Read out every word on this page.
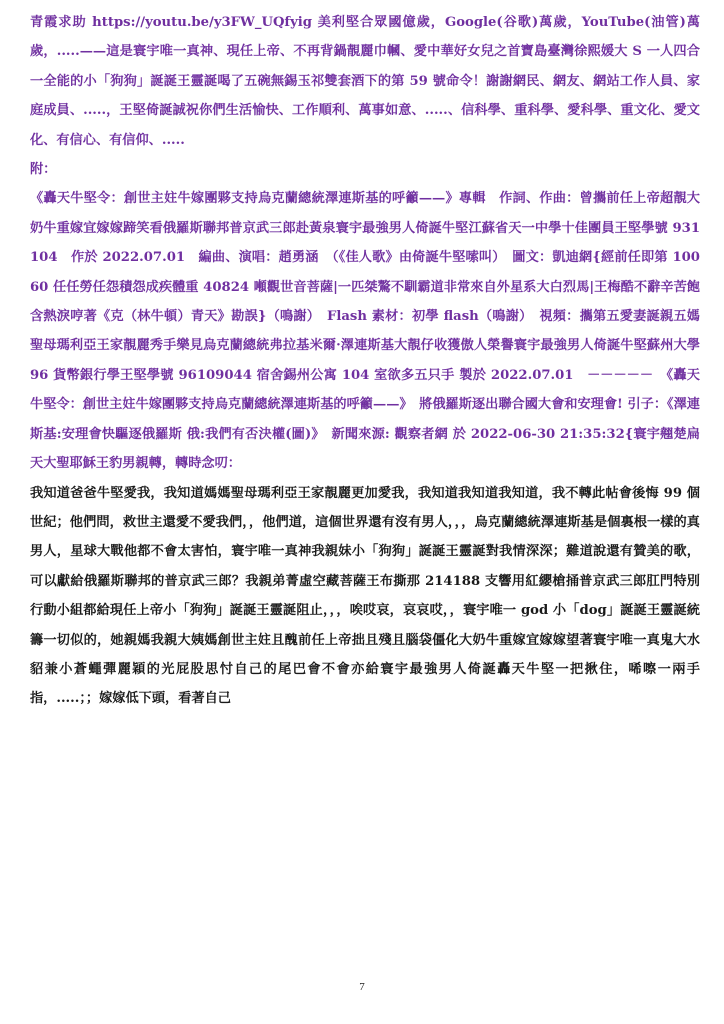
青霞求助 https://youtu.be/y3FW_UQfyig 美利堅合眾國億歲，Google(谷歌)萬歲，YouTube(油管)萬歲，.....——這是寰宇唯一真神、現任上帝、不再背鍋靚麗巾幗、愛中華好女兒之首寶島臺灣徐熙媛大 S 一人四合一全能的小「狗狗」誕誕王靈誕喝了五碗無錫玉祁雙套酒下的第 59 號命令！謝謝網民、網友、網站工作人員、家庭成員、.....，王堅倚誕誠祝你們生活愉快、工作順利、萬事如意、.....、信科學、重科學、愛科學、重文化、愛文化、有信心、有信仰、.....

附：

《轟天牛堅令：創世主妵牛嫁團夥支持烏克蘭總統澤連斯基的呼籲——》專輯　作詞、作曲：曾攜前任上帝超靚大奶牛重嫁宜嫁嫁蹄笑看俄羅斯聯邦普京武三郎赴黃泉寰宇最強男人倚誕牛堅江蘇省天一中學十佳團員王堅學號 931104　作於 2022.07.01　編曲、演唱：趙勇涵　（《佳人歌》由倚誕牛堅嗦叫）　圖文：凱迪網{經前任即第 10060 任任勞任怨積怨成疾體重 40824 噸觀世音菩薩|一匹桀驁不馴霸道非常來自外星系大白烈馬|王梅酷不辭辛苦飽含熱淚哼著《克（林牛頓）青天》勘誤}（鳴謝）　Flash 素材：初學 flash（鳴謝）　視頻：攜第五愛妻誕親五媽聖母瑪利亞王家靚麗秀手樂見烏克蘭總統弗拉基米爾·澤連斯基大靚仔收獲傲人榮譽寰宇最強男人倚誕牛堅蘇州大學 96 貨幣銀行學王堅學號 96109044 宿舍錫州公寓 104 室欲多五只手 製於 2022.07.01　－－－－－　《轟天牛堅令：創世主妵牛嫁團夥支持烏克蘭總統澤連斯基的呼籲——》　將俄羅斯逐出聯合國大會和安理會! 引子：《澤連斯基:安理會快驅逐俄羅斯 俄:我們有否決權(圖)》　新聞來源: 觀察者網 於 2022-06-30 21:35:32{寰宇翹楚扁天大聖耶穌王豹男親轉，轉時念叨：

我知道爸爸牛堅愛我，我知道媽媽聖母瑪利亞王家靚麗更加愛我，我知道我知道我知道，我不轉此帖會後悔 99 個世紀；他們問，救世主還愛不愛我們，，他們道，這個世界還有沒有男人，，，烏克蘭總統澤連斯基是個裏根一樣的真男人，星球大戰他都不會太害怕，寰宇唯一真神我親妹小「狗狗」誕誕王靈誕對我情深深；難道說還有贊美的歌，可以獻給俄羅斯聯邦的普京武三郎？我親弟菁虛空藏菩薩王布撕那 214188 支響用紅纓槍捅普京武三郎肛門特別行動小組都給現任上帝小「狗狗」誕誕王靈誕阻止，，，唉哎哀，哀哀哎，，寰宇唯一 god 小「dog」誕誕王靈誕統籌一切似的，她親媽我親大姨媽創世主妵且醜前任上帝拙且殘且腦袋僵化大奶牛重嫁宜嫁嫁望著寰宇唯一真鬼大水貂兼小蒼蠅彈麗穎的光屁股思忖自己的尾巴會不會亦給寰宇最強男人倚誕轟天牛堅一把揪住，唏嚓一兩手指，.....；；嫁嫁低下頭，看著自己

7
